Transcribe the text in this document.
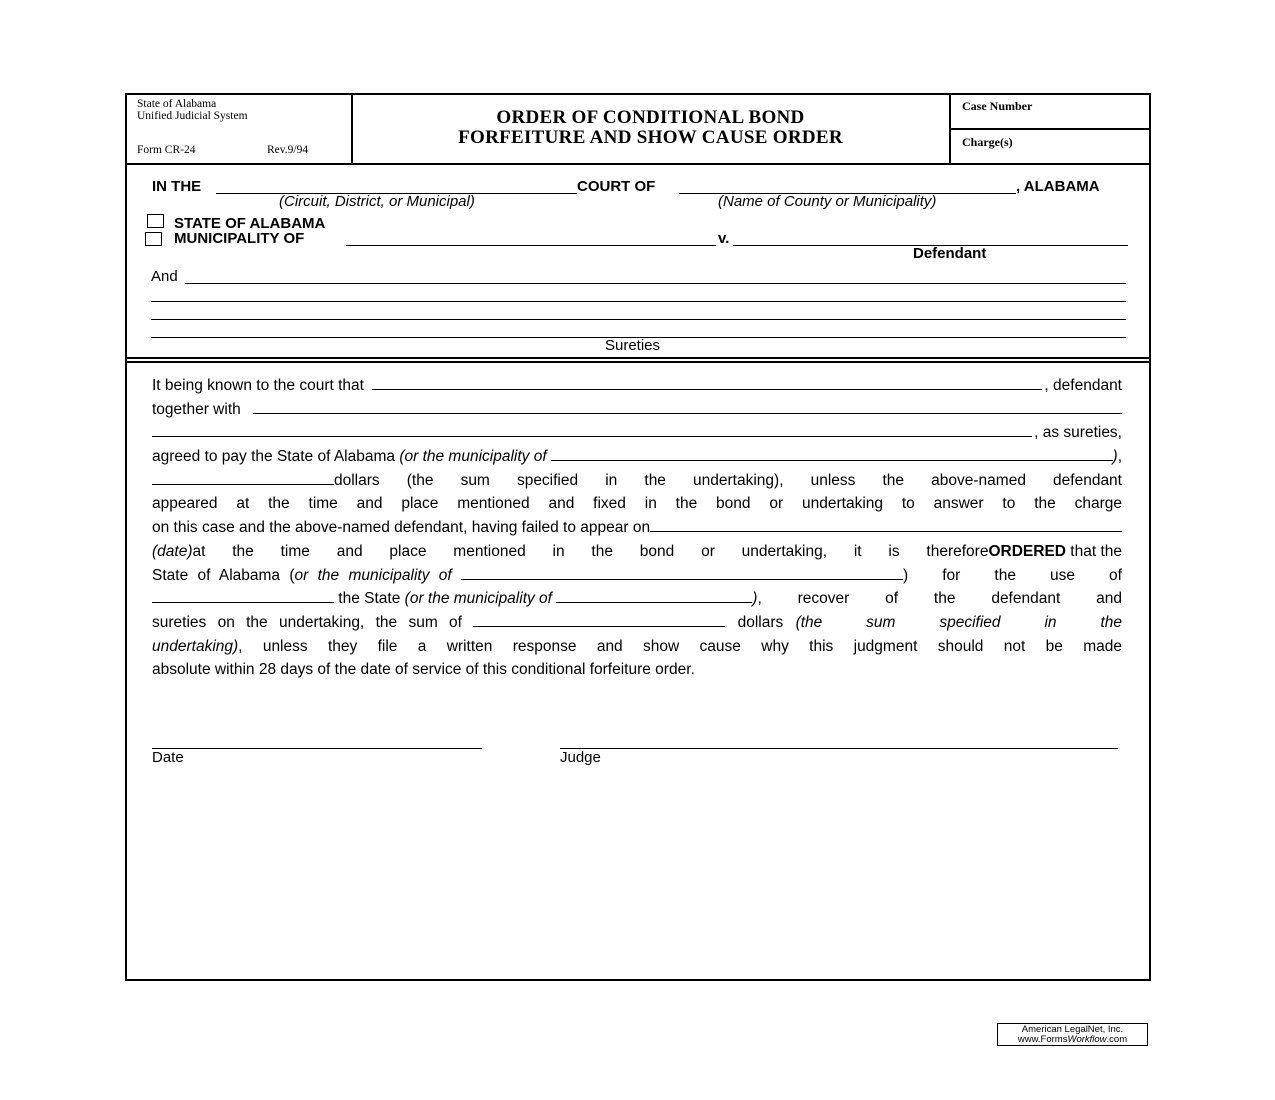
State of Alabama
Unified Judicial System
Form CR-24	Rev.9/94
ORDER OF CONDITIONAL BOND
FORFEITURE AND SHOW CAUSE ORDER
Case Number
Charge(s)
IN THE	COURT OF	, ALABAMA
(Circuit, District, or Municipal)	(Name of County or Municipality)
STATE OF ALABAMA
MUNICIPALITY OF	v.
Defendant
And
Sureties
It being known to the court that	, defendant
together with
, as sureties,
agreed to pay the State of Alabama (or the municipality of	) ,
dollars (the sum specified in the undertaking), unless the above-named defendant
appeared at the time and place mentioned and fixed in the bond or undertaking to answer to the charge
on this case and the above-named defendant, having failed to appear on
(date) at the time and place mentioned in the bond or undertaking, it is therefore ORDERED that the
State of Alabama ( or the municipality of	) for the use of
the State (or the municipality of	) , recover of the defendant and
sureties on the undertaking, the sum of	dollars (the sum specified in the
undertaking) , unless they file a written response and show cause why this judgment should not be made
absolute within 28 days of the date of service of this conditional forfeiture order.
Date	Judge
American LegalNet, Inc.
www.FormsWorkflow.com
